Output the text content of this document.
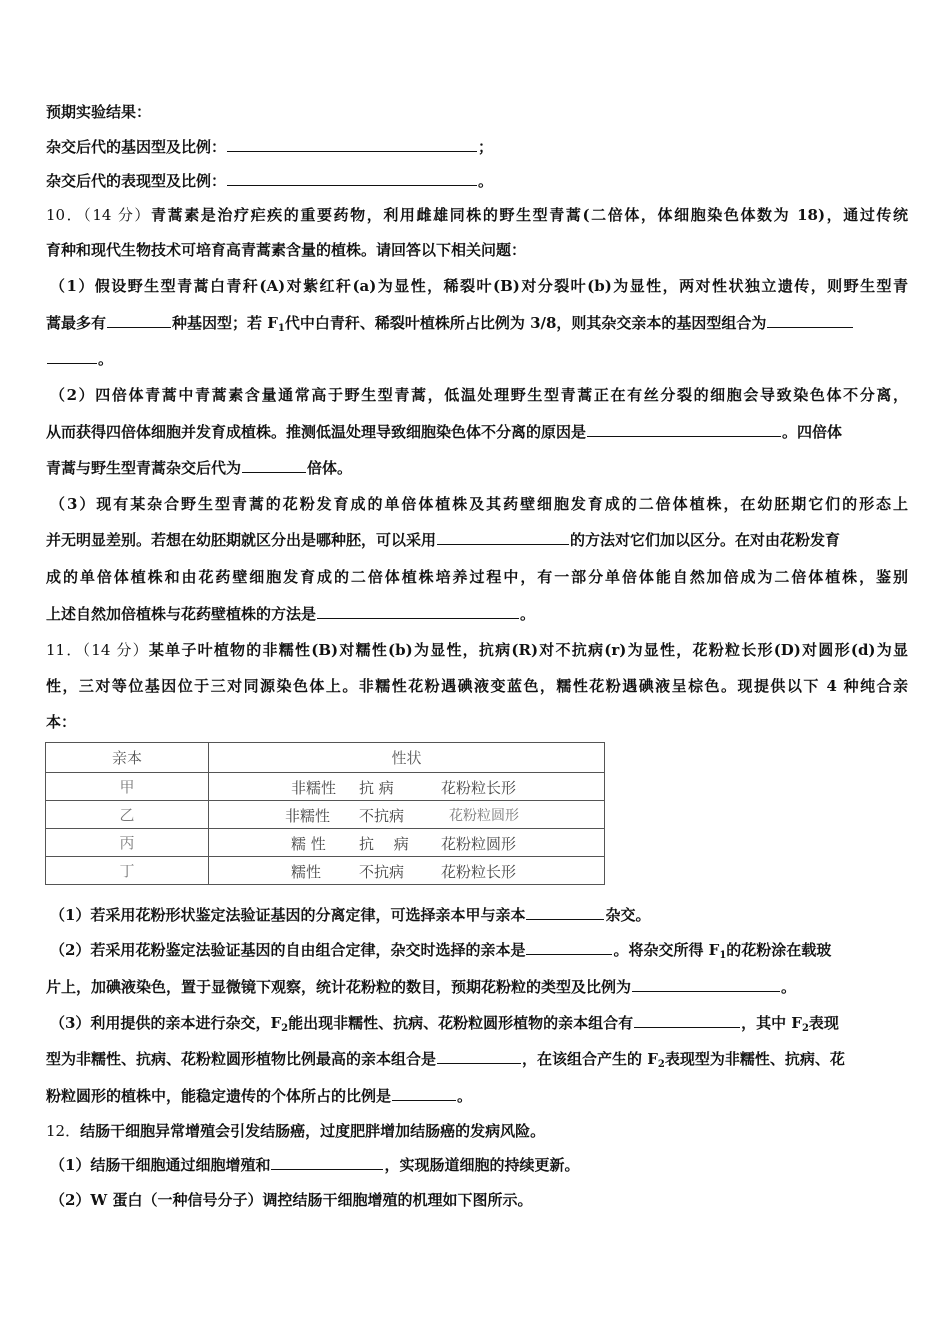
预期实验结果：
杂交后代的基因型及比例：	；
杂交后代的表现型及比例：	。
10．（14 分）青蒿素是治疗疟疾的重要药物，利用雌雄同株的野生型青蒿(二倍体，体细胞染色体数为 18)，通过传统
育种和现代生物技术可培育高青蒿素含量的植株。请回答以下相关问题：
（1）假设野生型青蒿白青秆(A)对紫红秆(a)为显性，稀裂叶(B)对分裂叶(b)为显性，两对性状独立遗传，则野生型青
蒿最多有	种基因型；若 $F_1$代中白青秆、稀裂叶植株所占比例为 3/8，则其杂交亲本的基因型组合为
。
（2）四倍体青蒿中青蒿素含量通常高于野生型青蒿，低温处理野生型青蒿正在有丝分裂的细胞会导致染色体不分离，
从而获得四倍体细胞并发育成植株。推测低温处理导致细胞染色体不分离的原因是	。四倍体
青蒿与野生型青蒿杂交后代为	倍体。
（3）现有某杂合野生型青蒿的花粉发育成的单倍体植株及其药壁细胞发育成的二倍体植株，在幼胚期它们的形态上
并无明显差别。若想在幼胚期就区分出是哪种胚，可以采用	的方法对它们加以区分。在对由花粉发育
成的单倍体植株和由花药壁细胞发育成的二倍体植株培养过程中，有一部分单倍体能自然加倍成为二倍体植株，鉴别
上述自然加倍植株与花药壁植株的方法是	。
11．（14 分）某单子叶植物的非糯性(B)对糯性(b)为显性，抗病(R)对不抗病(r)为显性，花粉粒长形(D)对圆形(d)为显
性，三对等位基因位于三对同源染色体上。非糯性花粉遇碘液变蓝色，糯性花粉遇碘液呈棕色。现提供以下 4 种纯合亲
本：
亲本	性状
甲	非糯性 抗 病 花粉粒长形

乙	非糯性 不抗病 花粉粒圆形

丙	糯 性 抗　 病 花粉粒圆形

丁	糯性 不抗病 花粉粒长形
（1）若采用花粉形状鉴定法验证基因的分离定律，可选择亲本甲与亲本	杂交。
（2）若采用花粉鉴定法验证基因的自由组合定律，杂交时选择的亲本是	。将杂交所得 $F_1$的花粉涂在载玻
片上，加碘液染色，置于显微镜下观察，统计花粉粒的数目，预期花粉粒的类型及比例为	。
（3）利用提供的亲本进行杂交，$F_2$能出现非糯性、抗病、花粉粒圆形植物的亲本组合有	，其中 $F_2$表现
型为非糯性、抗病、花粉粒圆形植物比例最高的亲本组合是	，在该组合产生的 $F_2$表现型为非糯性、抗病、花
粉粒圆形的植株中，能稳定遗传的个体所占的比例是	。
12．结肠干细胞异常增殖会引发结肠癌，过度肥胖增加结肠癌的发病风险。
（1）结肠干细胞通过细胞增殖和	，实现肠道细胞的持续更新。
（2）W 蛋白（一种信号分子）调控结肠干细胞增殖的机理如下图所示。
